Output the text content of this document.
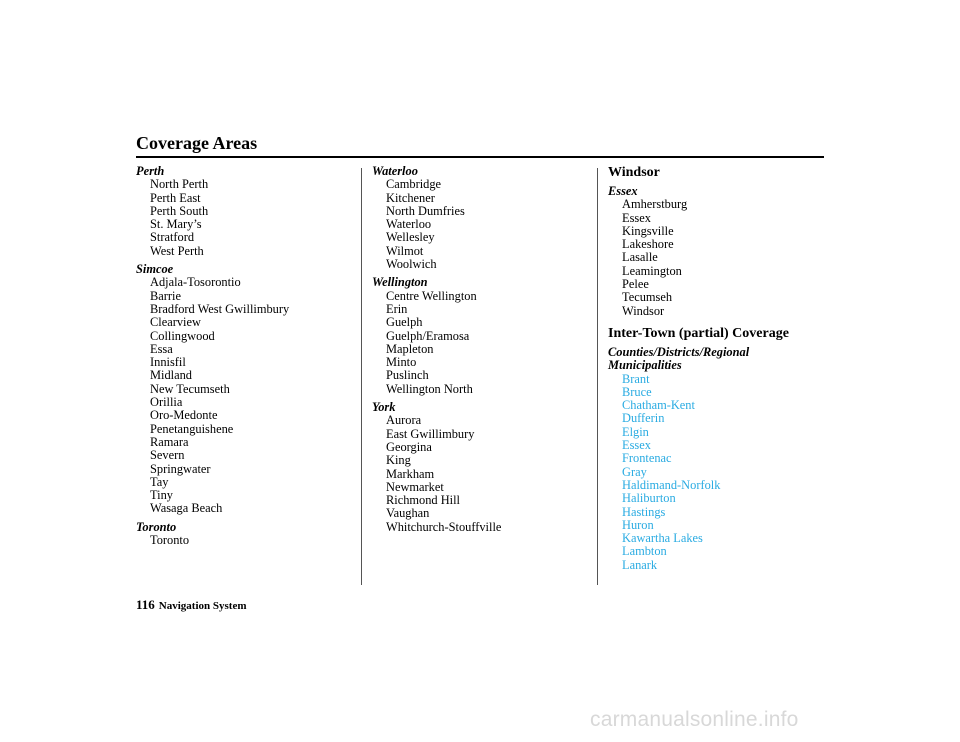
Coverage Areas
Perth
North Perth
Perth East
Perth South
St. Mary’s
Stratford
West Perth
Simcoe
Adjala-Tosorontio
Barrie
Bradford West Gwillimbury
Clearview
Collingwood
Essa
Innisfil
Midland
New Tecumseth
Orillia
Oro-Medonte
Penetanguishene
Ramara
Severn
Springwater
Tay
Tiny
Wasaga Beach
Toronto
Toronto
Waterloo
Cambridge
Kitchener
North Dumfries
Waterloo
Wellesley
Wilmot
Woolwich
Wellington
Centre Wellington
Erin
Guelph
Guelph/Eramosa
Mapleton
Minto
Puslinch
Wellington North
York
Aurora
East Gwillimbury
Georgina
King
Markham
Newmarket
Richmond Hill
Vaughan
Whitchurch-Stouffville
Windsor
Essex
Amherstburg
Essex
Kingsville
Lakeshore
Lasalle
Leamington
Pelee
Tecumseh
Windsor
Inter-Town (partial) Coverage
Counties/Districts/Regional
Municipalities
Brant
Bruce
Chatham-Kent
Dufferin
Elgin
Essex
Frontenac
Gray
Haldimand-Norfolk
Haliburton
Hastings
Huron
Kawartha Lakes
Lambton
Lanark
116 Navigation System
carmanualsonline.info
